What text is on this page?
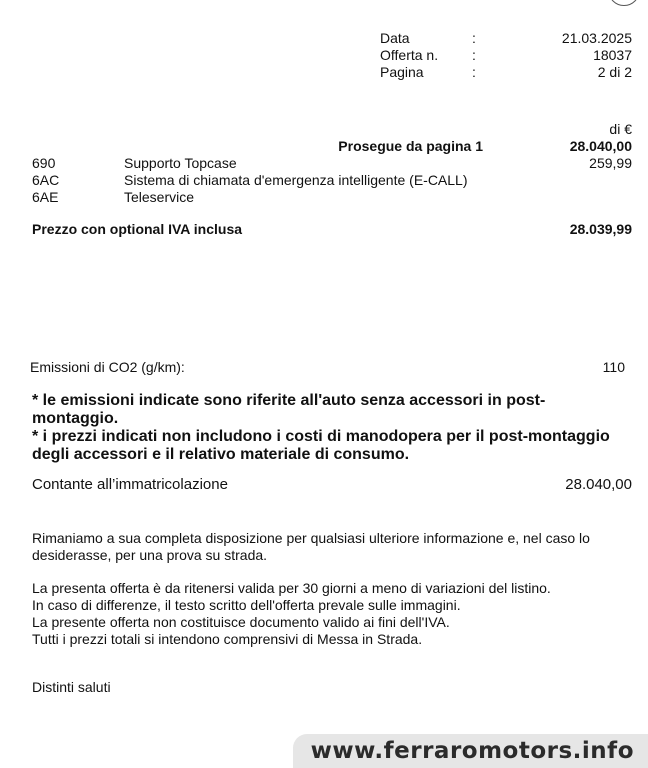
Data	:	21.03.2025
Offerta n. :	18037
Pagina	:	2 di 2
di €
Prosegue da pagina 1	28.040,00
690	Supporto Topcase	259,99
6AC	Sistema di chiamata d'emergenza intelligente (E-CALL)
6AE	Teleservice
Prezzo con optional IVA inclusa	28.039,99
Emissioni di CO2 (g/km):	110
* le emissioni indicate sono riferite all'auto senza accessori in post-
montaggio.
* i prezzi indicati non includono i costi di manodopera per il post-montaggio
degli accessori e il relativo materiale di consumo.
Contante all’immatricolazione	28.040,00
Rimaniamo a sua completa disposizione per qualsiasi ulteriore informazione e, nel caso lo
desiderasse, per una prova su strada.
La presenta offerta è da ritenersi valida per 30 giorni a meno di variazioni del listino.
In caso di differenze, il testo scritto dell'offerta prevale sulle immagini.
La presente offerta non costituisce documento valido ai fini dell'IVA.
Tutti i prezzi totali si intendono comprensivi di Messa in Strada.
Distinti saluti
www.ferraromotors.info
